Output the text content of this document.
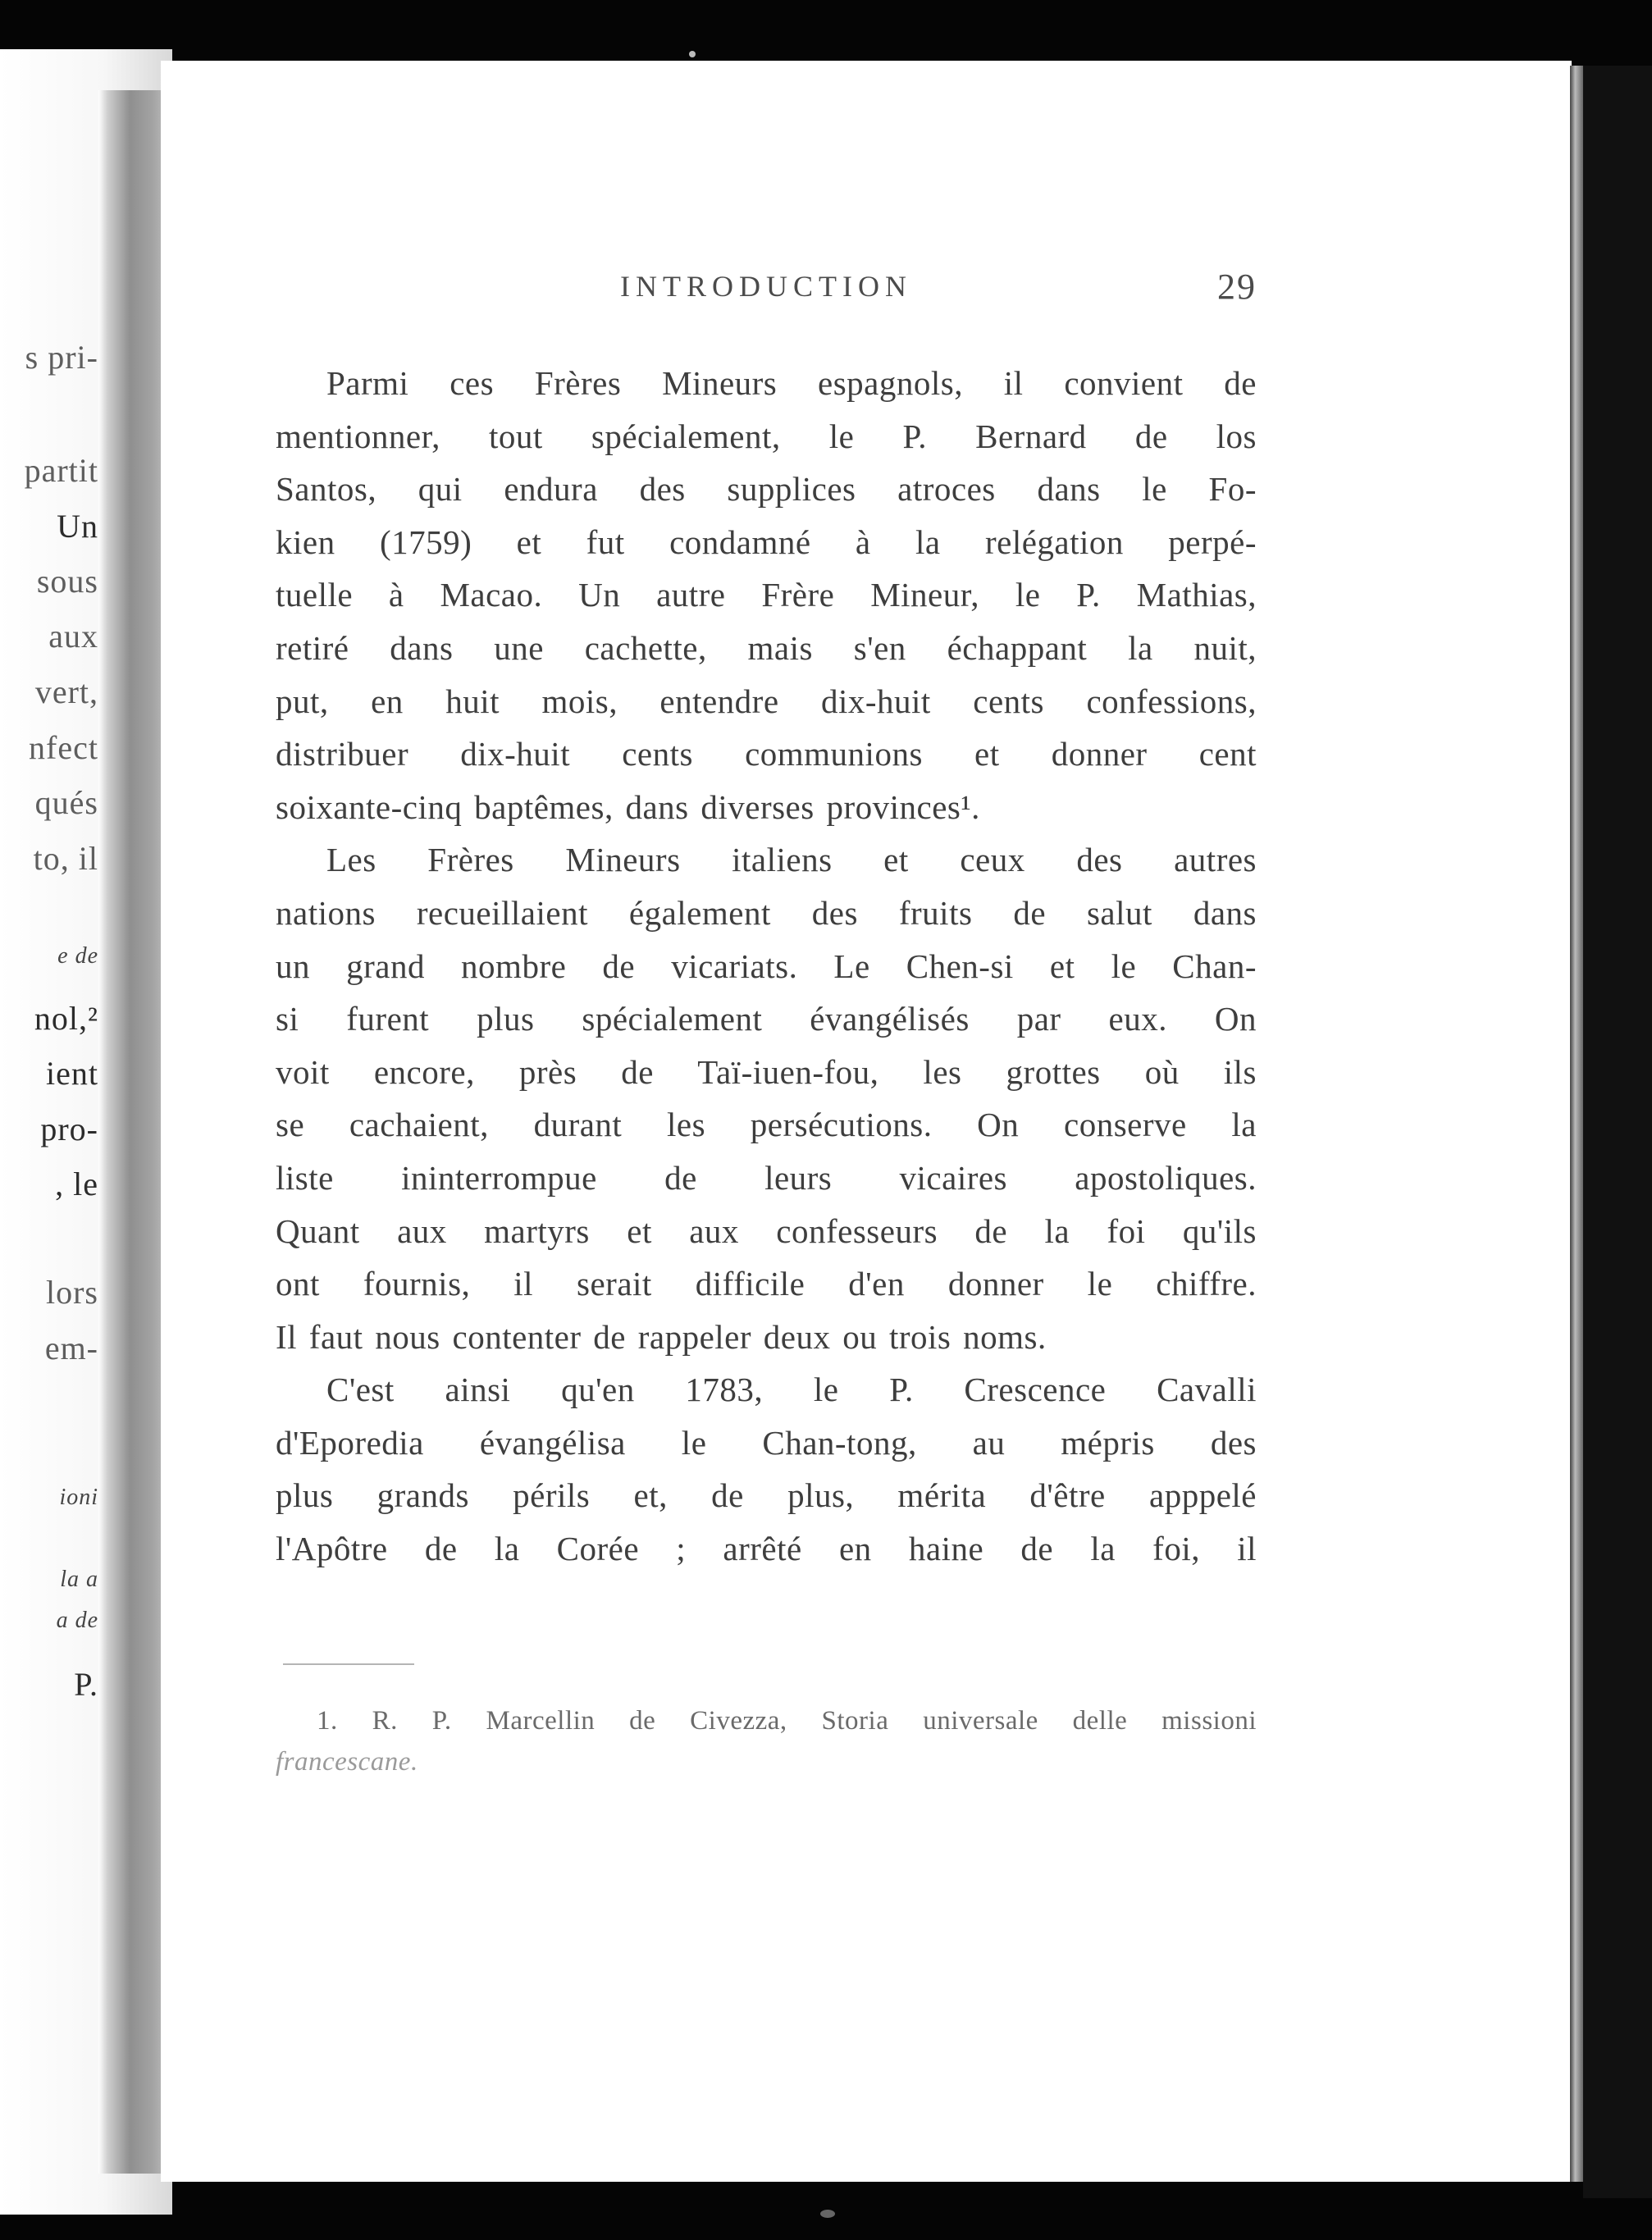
s pri-
partit
Un
sous
aux
vert,
nfect
qués
to, il
e de
nol,²
ient
pro-
, le
lors
em-
ioni
la a
a de
P.
INTRODUCTION	29
Parmi ces Frères Mineurs espagnols, il convient de
mentionner, tout spécialement, le P. Bernard de los
Santos, qui endura des supplices atroces dans le Fo-
kien (1759) et fut condamné à la relégation perpé-
tuelle à Macao. Un autre Frère Mineur, le P. Mathias,
retiré dans une cachette, mais s'en échappant la nuit,
put, en huit mois, entendre dix-huit cents confessions,
distribuer dix-huit cents communions et donner cent
soixante-cinq baptêmes, dans diverses provinces¹.
Les Frères Mineurs italiens et ceux des autres
nations recueillaient également des fruits de salut dans
un grand nombre de vicariats. Le Chen-si et le Chan-
si furent plus spécialement évangélisés par eux. On
voit encore, près de Taï-iuen-fou, les grottes où ils
se cachaient, durant les persécutions. On conserve la
liste ininterrompue de leurs vicaires apostoliques.
Quant aux martyrs et aux confesseurs de la foi qu'ils
ont fournis, il serait difficile d'en donner le chiffre.
Il faut nous contenter de rappeler deux ou trois noms.
C'est ainsi qu'en 1783, le P. Crescence Cavalli
d'Eporedia évangélisa le Chan-tong, au mépris des
plus grands périls et, de plus, mérita d'être apppelé
l'Apôtre de la Corée ; arrêté en haine de la foi, il
1. R. P. Marcellin de Civezza, Storia universale delle missioni
francescane.
